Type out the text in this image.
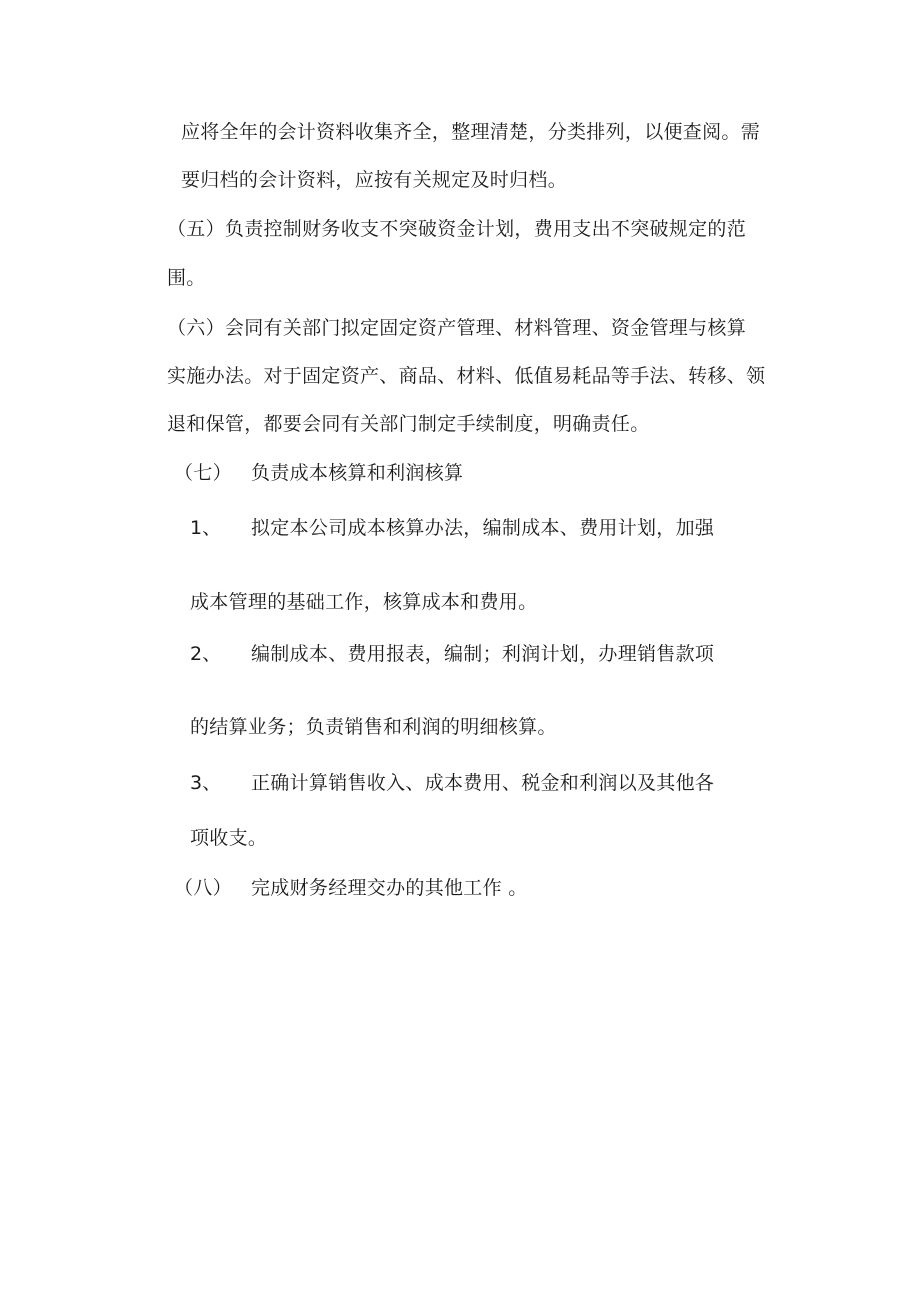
应将全年的会计资料收集齐全，整理清楚，分类排列，以便查阅。需
要归档的会计资料，应按有关规定及时归档。
（五）负责控制财务收支不突破资金计划，费用支出不突破规定的范
围。
（六）会同有关部门拟定固定资产管理、材料管理、资金管理与核算
实施办法。对于固定资产、商品、材料、低值易耗品等手法、转移、领
退和保管，都要会同有关部门制定手续制度，明确责任。
（七） 负责成本核算和利润核算
1、 拟定本公司成本核算办法，编制成本、费用计划，加强
成本管理的基础工作，核算成本和费用。
2、 编制成本、费用报表，编制；利润计划，办理销售款项
的结算业务；负责销售和利润的明细核算。
3、 正确计算销售收入、成本费用、税金和利润以及其他各
项收支。
（八） 完成财务经理交办的其他工作 。
